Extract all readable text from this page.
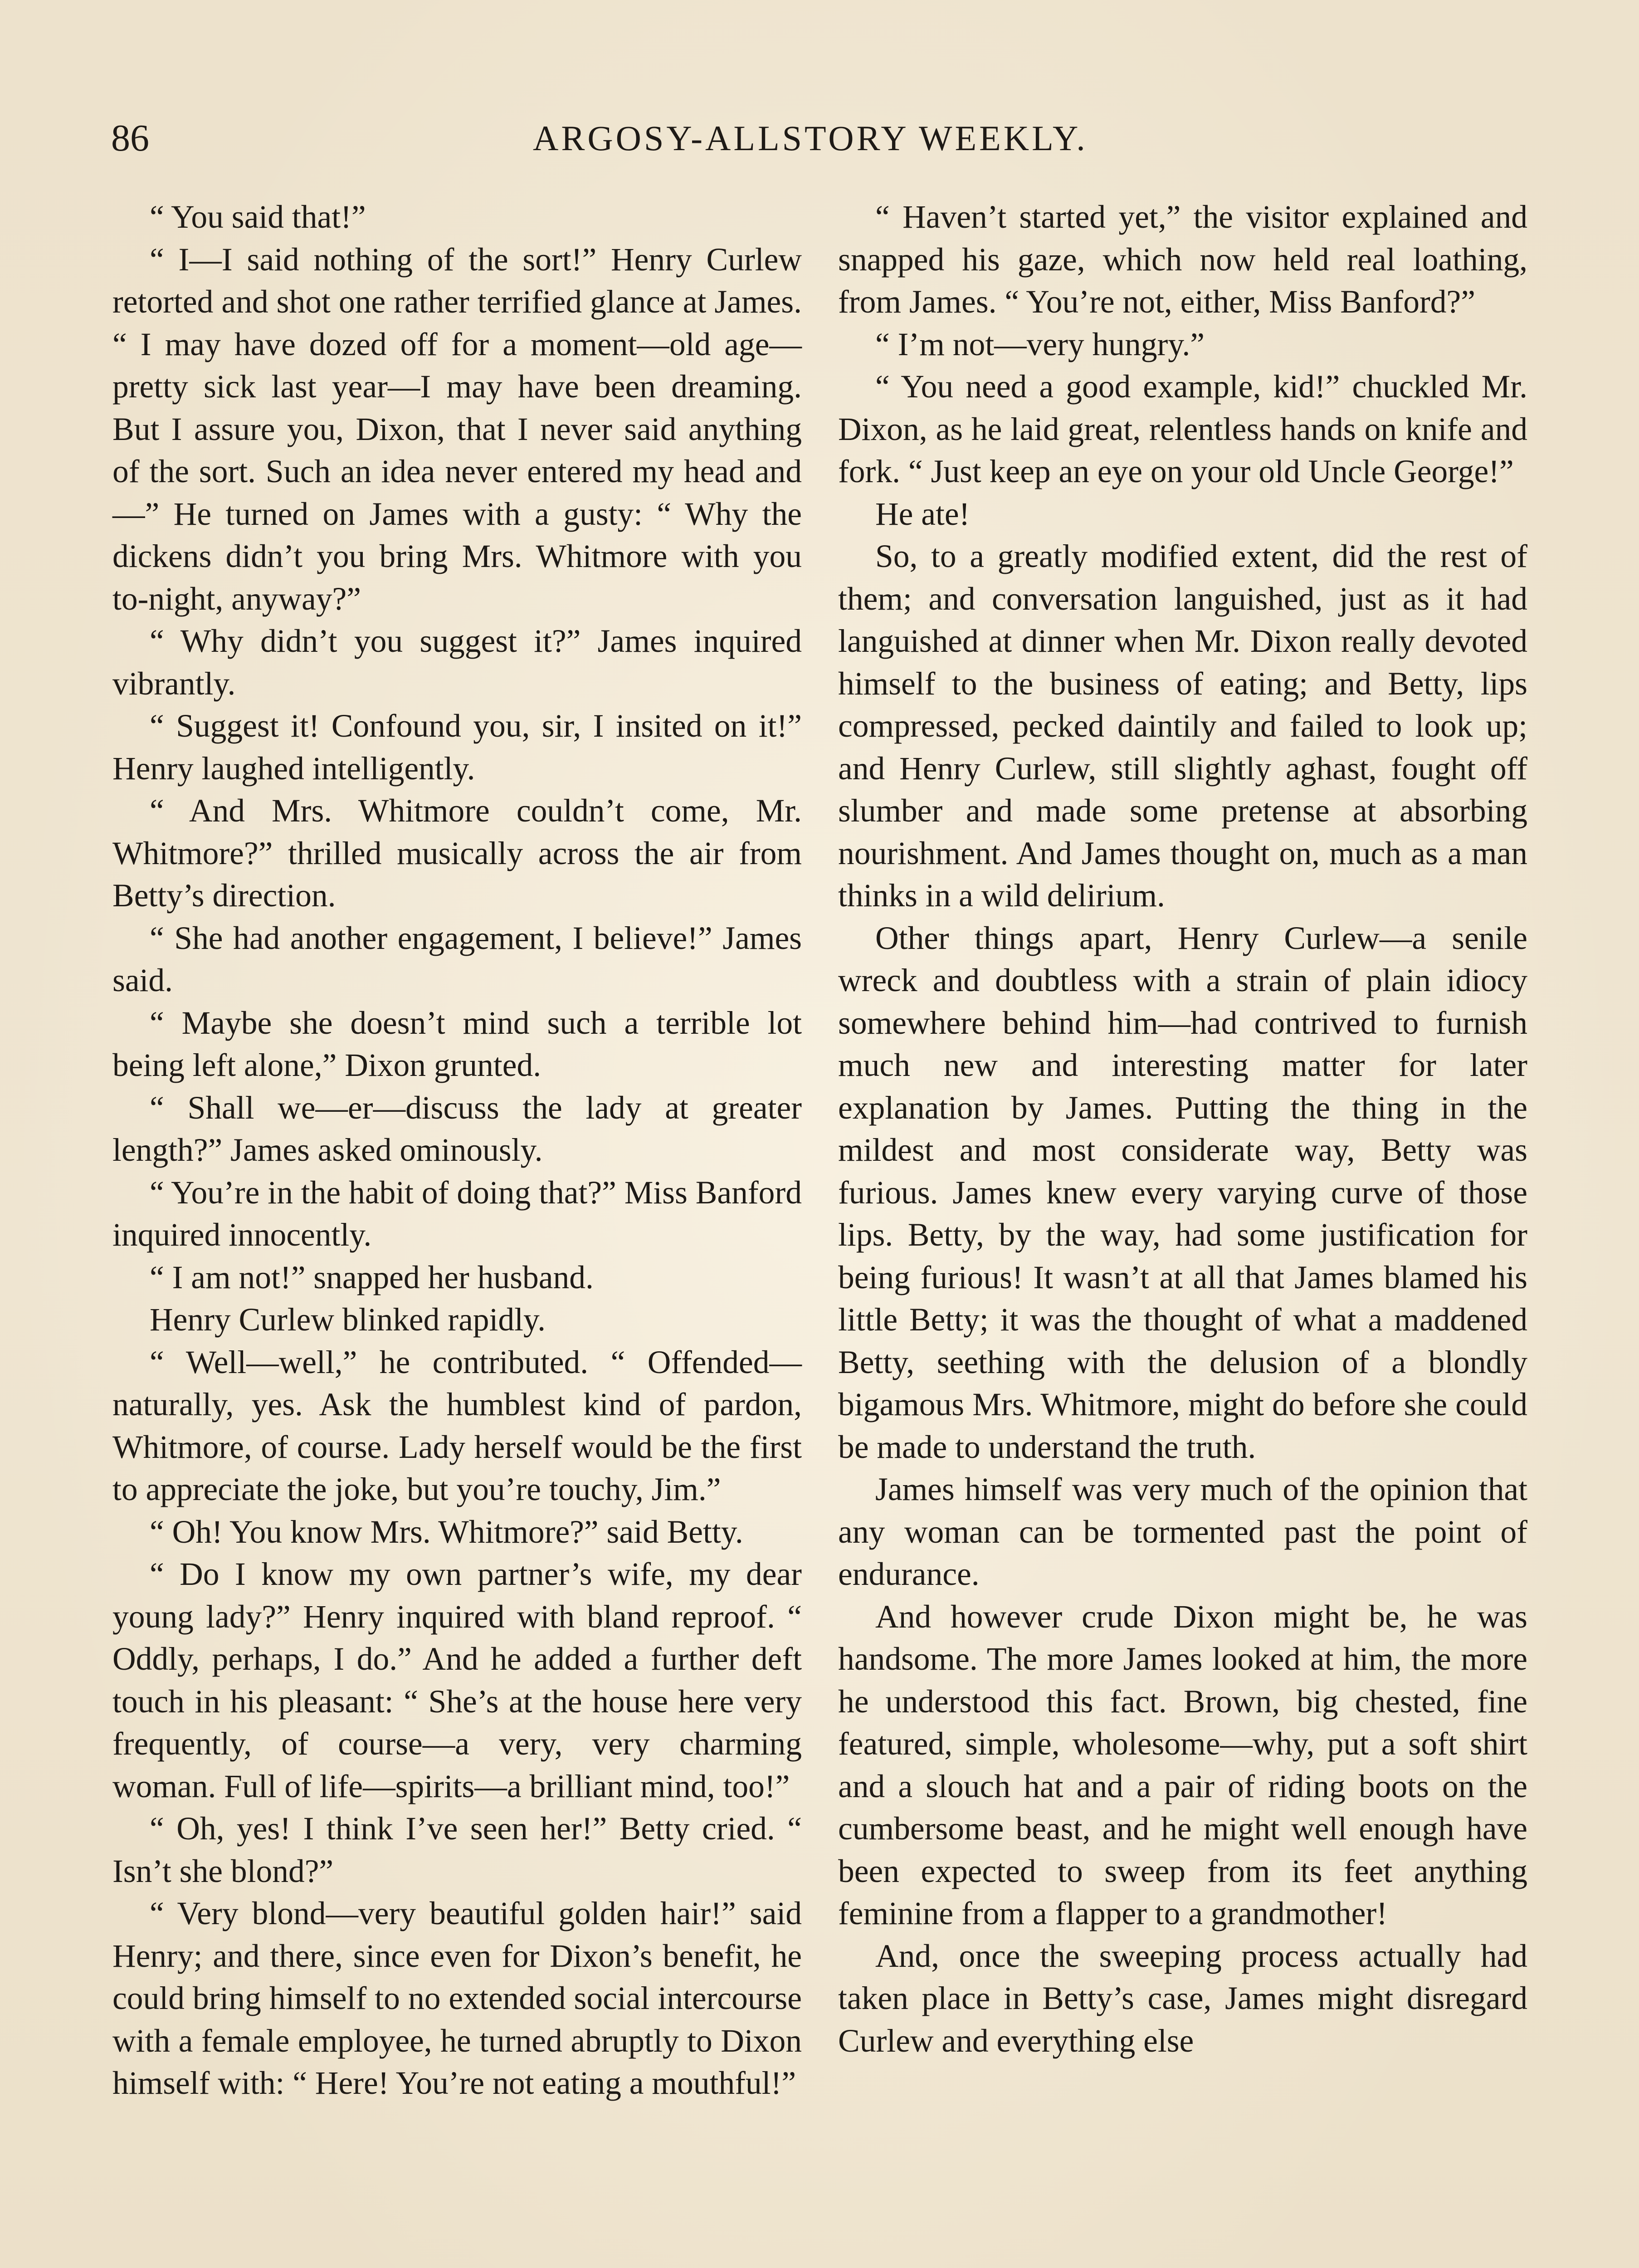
86	ARGOSY-ALLSTORY WEEKLY.

“ You said that!”

“ I—I said nothing of the sort!” Henry Curlew retorted and shot one rather terrified glance at James. “ I may have dozed off for a moment—old age—pretty sick last year—I may have been dreaming. But I assure you, Dixon, that I never said anything of the sort. Such an idea never entered my head and—” He turned on James with a gusty: “ Why the dickens didn’t you bring Mrs. Whitmore with you to-night, anyway?”

“ Why didn’t you suggest it?” James inquired vibrantly.

“ Suggest it! Confound you, sir, I insited on it!” Henry laughed intelligently.

“ And Mrs. Whitmore couldn’t come, Mr. Whitmore?” thrilled musically across the air from Betty’s direction.

“ She had another engagement, I believe!” James said.

“ Maybe she doesn’t mind such a terrible lot being left alone,” Dixon grunted.

“ Shall we—er—discuss the lady at greater length?” James asked ominously.

“ You’re in the habit of doing that?” Miss Banford inquired innocently.

“ I am not!” snapped her husband.

Henry Curlew blinked rapidly.

“ Well—well,” he contributed. “ Offended—naturally, yes. Ask the humblest kind of pardon, Whitmore, of course. Lady herself would be the first to appreciate the joke, but you’re touchy, Jim.”

“ Oh! You know Mrs. Whitmore?” said Betty.

“ Do I know my own partner’s wife, my dear young lady?” Henry inquired with bland reproof. “ Oddly, perhaps, I do.” And he added a further deft touch in his pleasant: “ She’s at the house here very frequently, of course—a very, very charming woman. Full of life—spirits—a brilliant mind, too!”

“ Oh, yes! I think I’ve seen her!” Betty cried. “ Isn’t she blond?”

“ Very blond—very beautiful golden hair!” said Henry; and there, since even for Dixon’s benefit, he could bring himself to no extended social intercourse with a female employee, he turned abruptly to Dixon himself with: “ Here! You’re not eating a mouthful!”

“ Haven’t started yet,” the visitor explained and snapped his gaze, which now held real loathing, from James. “ You’re not, either, Miss Banford?”

“ I’m not—very hungry.”

“ You need a good example, kid!” chuckled Mr. Dixon, as he laid great, relentless hands on knife and fork. “ Just keep an eye on your old Uncle George!”

He ate!

So, to a greatly modified extent, did the rest of them; and conversation languished, just as it had languished at dinner when Mr. Dixon really devoted himself to the business of eating; and Betty, lips compressed, pecked daintily and failed to look up; and Henry Curlew, still slightly aghast, fought off slumber and made some pretense at absorbing nourishment. And James thought on, much as a man thinks in a wild delirium.

Other things apart, Henry Curlew—a senile wreck and doubtless with a strain of plain idiocy somewhere behind him—had contrived to furnish much new and interesting matter for later explanation by James. Putting the thing in the mildest and most considerate way, Betty was furious. James knew every varying curve of those lips. Betty, by the way, had some justification for being furious! It wasn’t at all that James blamed his little Betty; it was the thought of what a maddened Betty, seething with the delusion of a blondly bigamous Mrs. Whitmore, might do before she could be made to understand the truth.

James himself was very much of the opinion that any woman can be tormented past the point of endurance.

And however crude Dixon might be, he was handsome. The more James looked at him, the more he understood this fact. Brown, big chested, fine featured, simple, wholesome—why, put a soft shirt and a slouch hat and a pair of riding boots on the cumbersome beast, and he might well enough have been expected to sweep from its feet anything feminine from a flapper to a grandmother!

And, once the sweeping process actually had taken place in Betty’s case, James might disregard Curlew and everything else
